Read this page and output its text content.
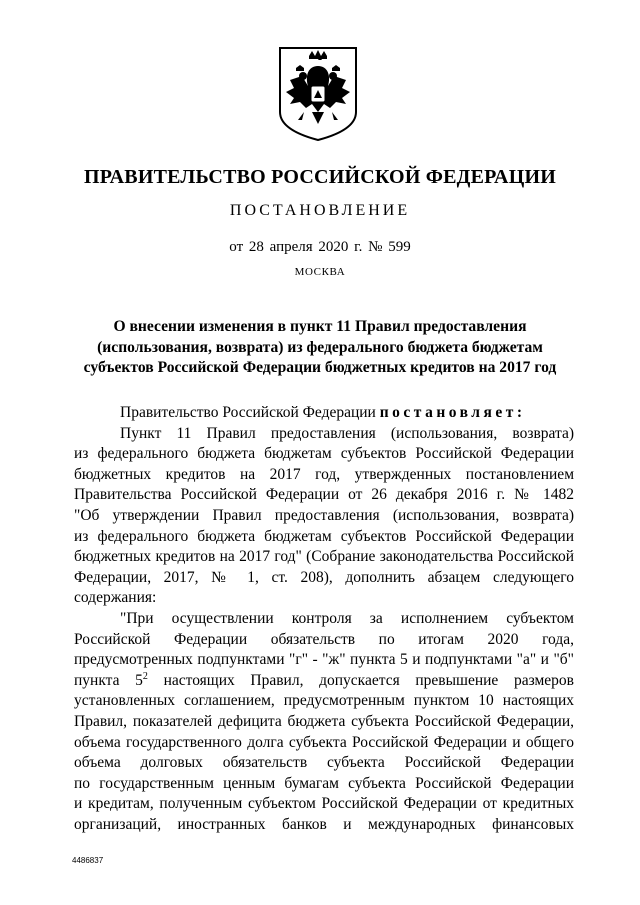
ПРАВИТЕЛЬСТВО РОССИЙСКОЙ ФЕДЕРАЦИИ
ПОСТАНОВЛЕНИЕ
от 28 апреля 2020 г. № 599
МОСКВА
О внесении изменения в пункт 11 Правил предоставления
(использования, возврата) из федерального бюджета бюджетам
субъектов Российской Федерации бюджетных кредитов на 2017 год
Правительство Российской Федерации постановляет:
Пункт 11 Правил предоставления (использования, возврата)
из федерального бюджета бюджетам субъектов Российской Федерации
бюджетных кредитов на 2017 год, утвержденных постановлением
Правительства Российской Федерации от 26 декабря 2016 г. № 1482
"Об утверждении Правил предоставления (использования, возврата)
из федерального бюджета бюджетам субъектов Российской Федерации
бюджетных кредитов на 2017 год" (Собрание законодательства Российской
Федерации, 2017, № 1, ст. 208), дополнить абзацем следующего
содержания:
"При осуществлении контроля за исполнением субъектом
Российской Федерации обязательств по итогам 2020 года,
предусмотренных подпунктами "г" - "ж" пункта 5 и подпунктами "а" и "б"
пункта $5^2$ настоящих Правил, допускается превышение размеров
установленных соглашением, предусмотренным пунктом 10 настоящих
Правил, показателей дефицита бюджета субъекта Российской Федерации,
объема государственного долга субъекта Российской Федерации и общего
объема долговых обязательств субъекта Российской Федерации
по государственным ценным бумагам субъекта Российской Федерации
и кредитам, полученным субъектом Российской Федерации от кредитных
организаций, иностранных банков и международных финансовых
4486837
